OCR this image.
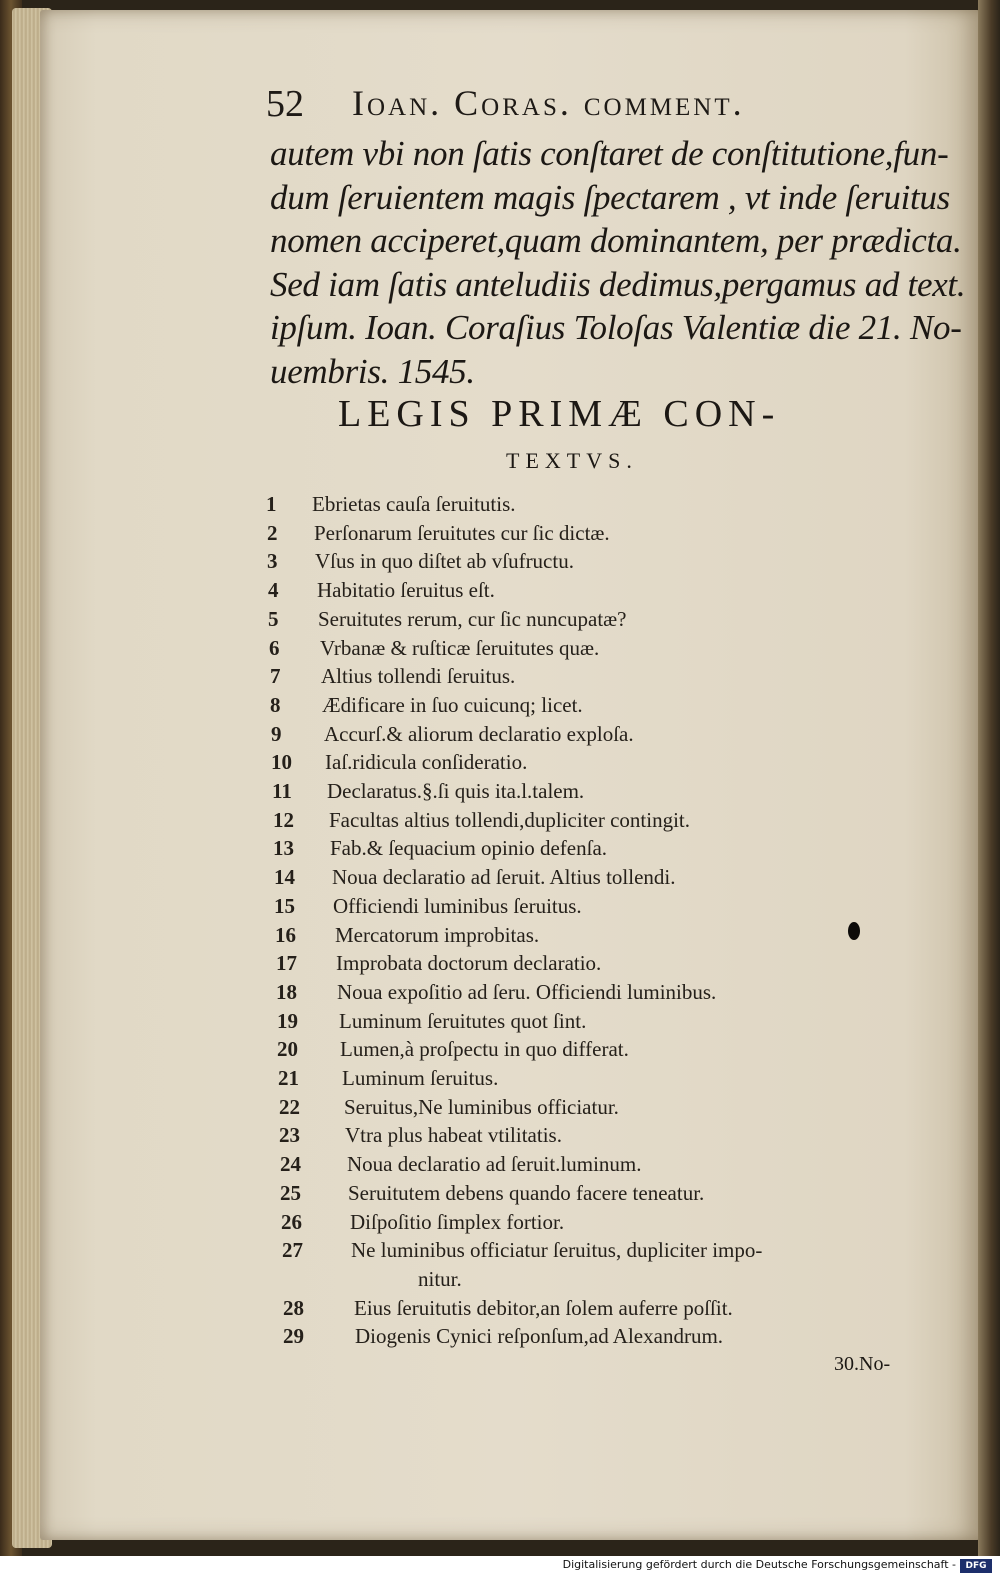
52 Ioan. Coras. comment.
autem vbi non ſatis conſtaret de conſtitutione,fun-
dum ſeruientem magis ſpectarem , vt inde ſeruitus
nomen acciperet,quam dominantem, per prædicta.
Sed iam ſatis anteludiis dedimus,pergamus ad text.
ipſum. Ioan. Coraſius Toloſas Valentiæ die 21. No-
uembris. 1545.
LEGIS PRIMÆ CON-
TEXTVS.
1	Ebrietas cauſa ſeruitutis.
2	Perſonarum ſeruitutes cur ſic dictæ.
3	Vſus in quo diſtet ab vſufructu.
4	Habitatio ſeruitus eſt.
5	Seruitutes rerum, cur ſic nuncupatæ?
6	Vrbanæ & ruſticæ ſeruitutes quæ.
7	Altius tollendi ſeruitus.
8	Ædificare in ſuo cuicunq; licet.
9	Accurſ.& aliorum declaratio exploſa.
10	Iaſ.ridicula conſideratio.
11	Declaratus.§.ſi quis ita.l.talem.
12	Facultas altius tollendi,dupliciter contingit.
13	Fab.& ſequacium opinio defenſa.
14	Noua declaratio ad ſeruit. Altius tollendi.
15	Officiendi luminibus ſeruitus.
16	Mercatorum improbitas.
17	Improbata doctorum declaratio.
18	Noua expoſitio ad ſeru. Officiendi luminibus.
19	Luminum ſeruitutes quot ſint.
20	Lumen,à proſpectu in quo differat.
21	Luminum ſeruitus.
22	Seruitus,Ne luminibus officiatur.
23	Vtra plus habeat vtilitatis.
24	Noua declaratio ad ſeruit.luminum.
25	Seruitutem debens quando facere teneatur.
26	Diſpoſitio ſimplex fortior.
27	Ne luminibus officiatur ſeruitus, dupliciter impo-
nitur.
28	Eius ſeruitutis debitor,an ſolem auferre poſſit.
29	Diogenis Cynici reſponſum,ad Alexandrum.
30.No-
Digitalisierung gefördert durch die Deutsche Forschungsgemeinschaft -	DFG
